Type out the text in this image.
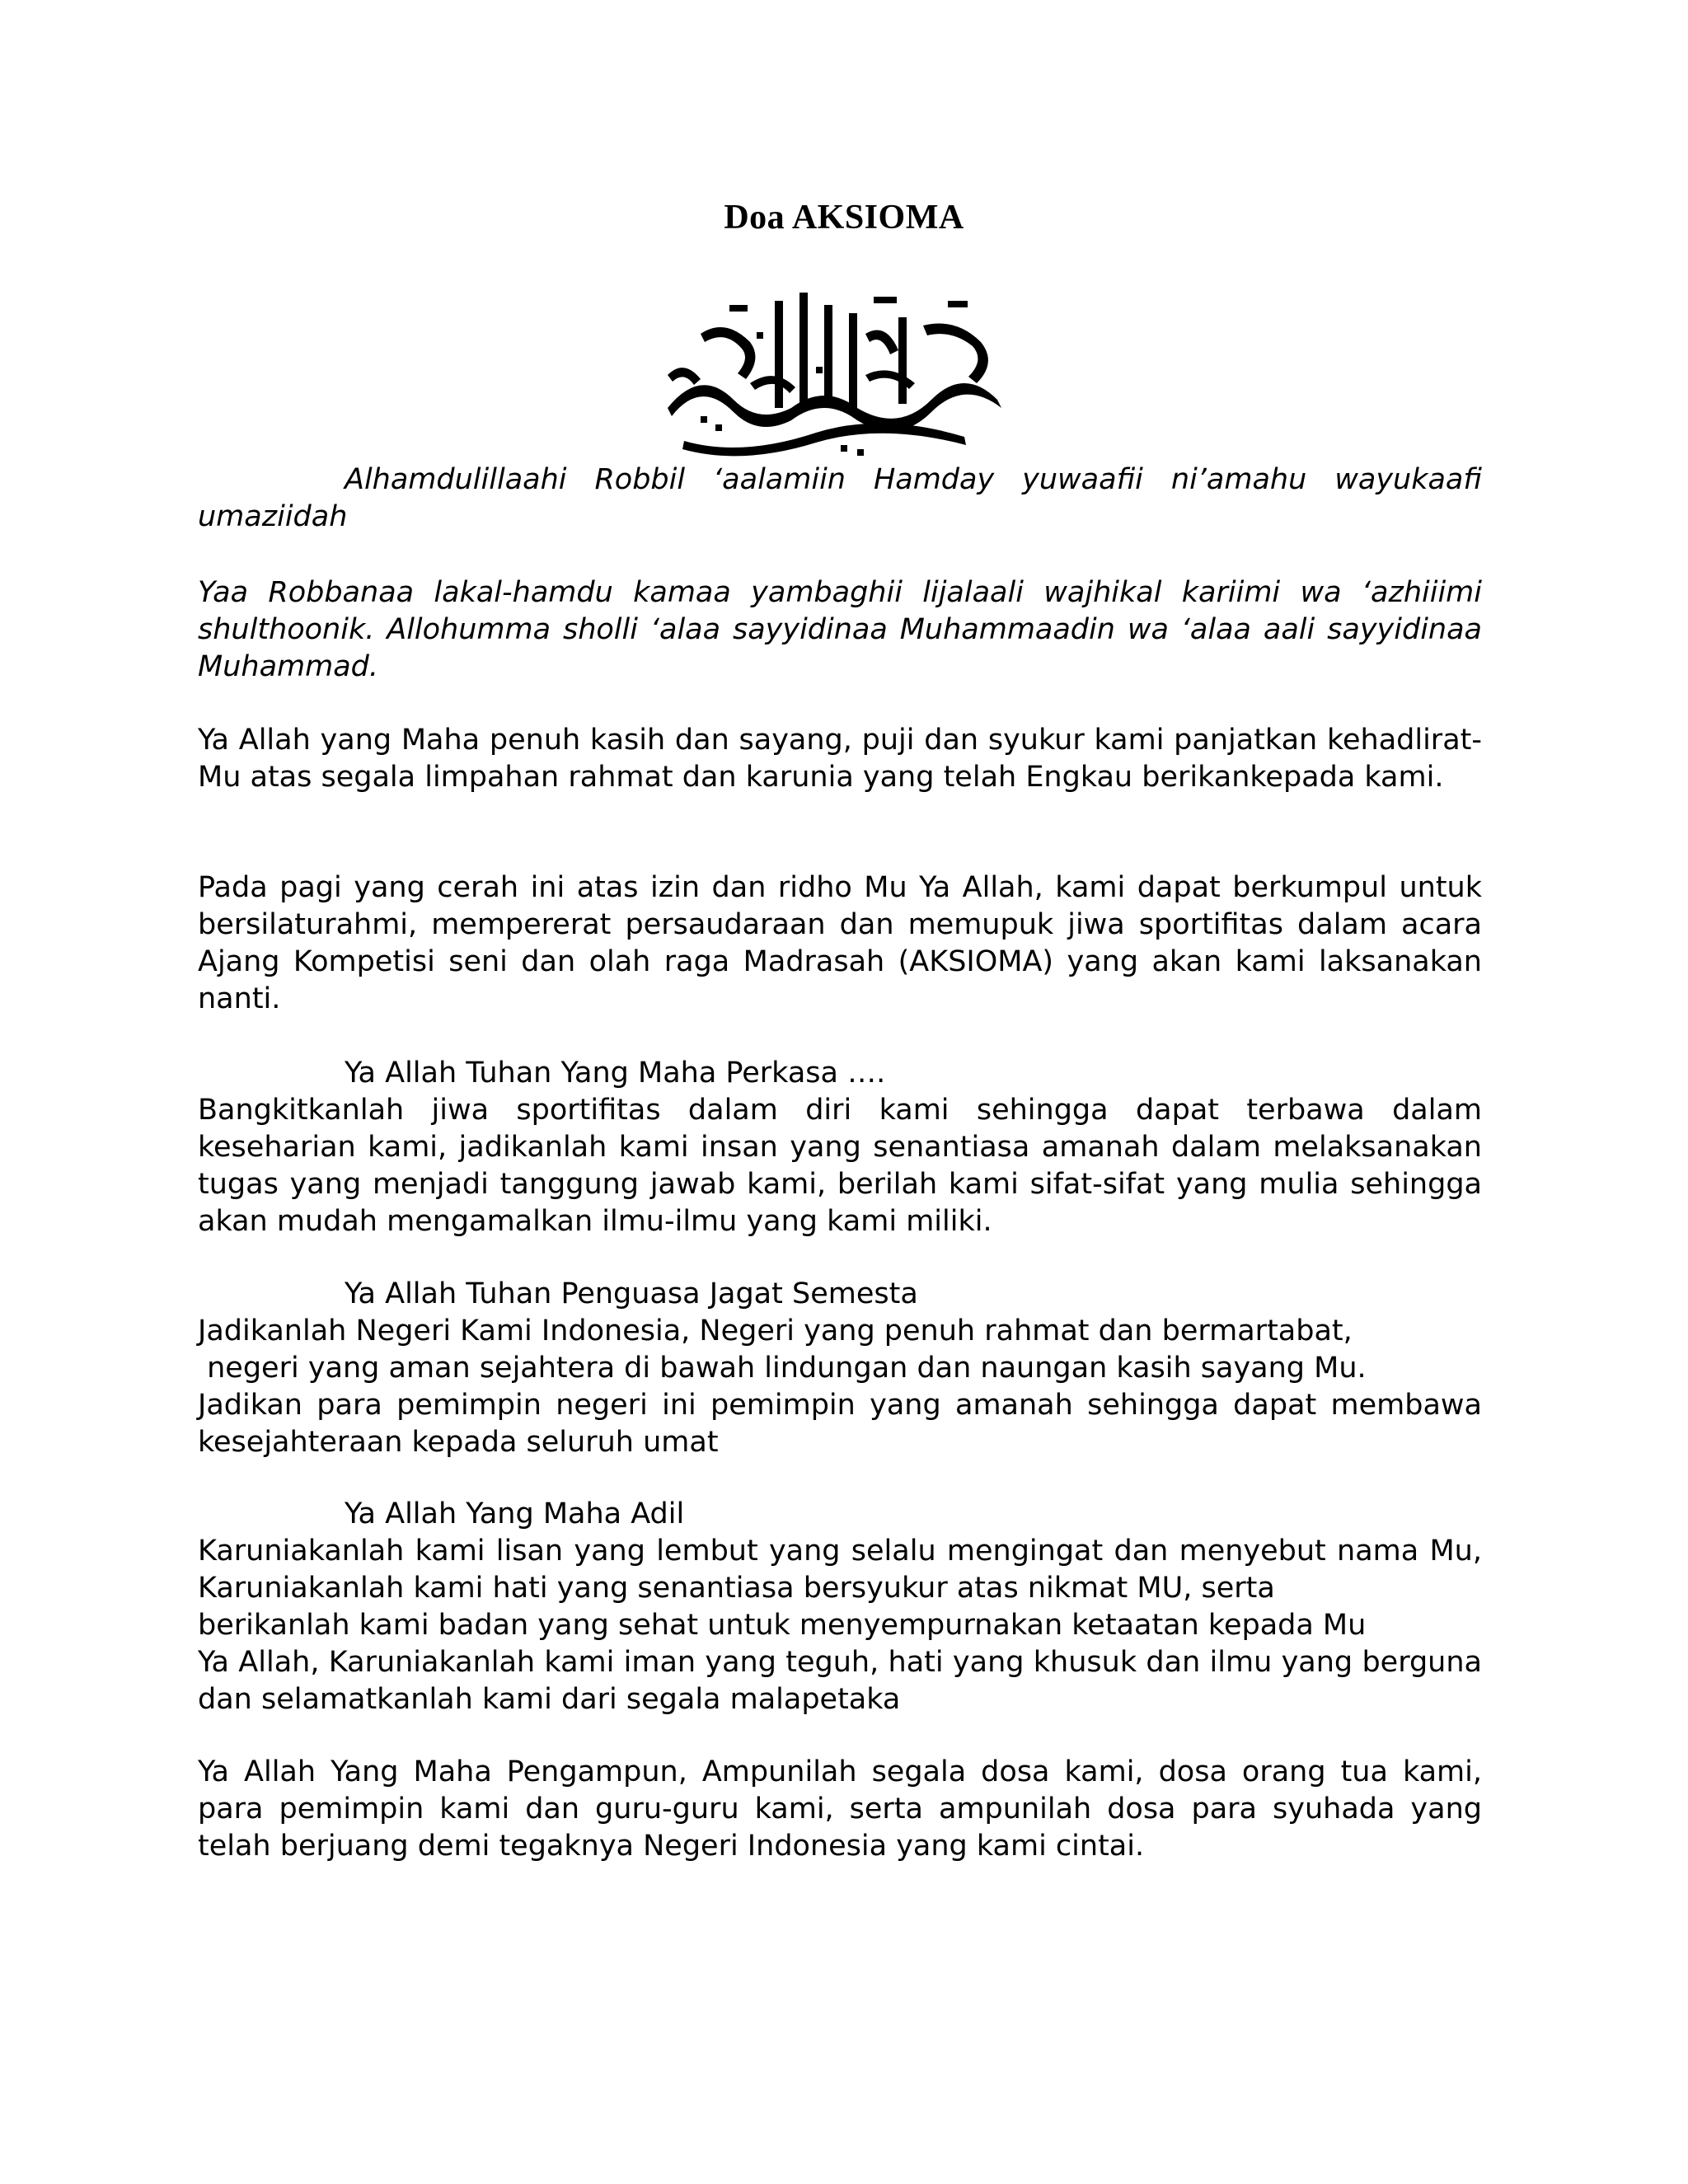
Doa AKSIOMA

Alhamdulillaahi Robbil ‘aalamiin Hamday yuwaafii ni’amahu wayukaafi umaziidah

Yaa Robbanaa lakal-hamdu kamaa yambaghii lijalaali wajhikal kariimi wa ‘azhiiimi shulthoonik. Allohumma sholli ‘alaa sayyidinaa Muhammaadin wa ‘alaa aali sayyidinaa Muhammad.

Ya Allah yang Maha penuh kasih dan sayang, puji dan syukur kami panjatkan kehadlirat-Mu atas segala limpahan rahmat dan karunia yang telah Engkau berikankepada kami.

Pada pagi yang cerah ini atas izin dan ridho Mu Ya Allah, kami dapat berkumpul untuk bersilaturahmi, mempererat persaudaraan dan memupuk jiwa sportifitas dalam acara Ajang Kompetisi seni dan olah raga Madrasah (AKSIOMA) yang akan kami laksanakan nanti.

Ya Allah Tuhan Yang Maha Perkasa ….

Bangkitkanlah jiwa sportifitas dalam diri kami sehingga dapat terbawa dalam keseharian kami, jadikanlah kami insan yang senantiasa amanah dalam melaksanakan tugas yang menjadi tanggung jawab kami, berilah kami sifat-sifat yang mulia sehingga akan mudah mengamalkan ilmu-ilmu yang kami miliki.

Ya Allah Tuhan Penguasa Jagat Semesta
Jadikanlah Negeri Kami Indonesia, Negeri yang penuh rahmat dan bermartabat,
negeri yang aman sejahtera di bawah lindungan dan naungan kasih sayang Mu.

Jadikan para pemimpin negeri ini pemimpin yang amanah sehingga dapat membawa kesejahteraan kepada seluruh umat

Ya Allah Yang Maha Adil

Karuniakanlah kami lisan yang lembut yang selalu mengingat dan menyebut nama Mu, Karuniakanlah kami hati yang senantiasa bersyukur atas nikmat MU, serta

berikanlah kami badan yang sehat untuk menyempurnakan ketaatan kepada Mu

Ya Allah, Karuniakanlah kami iman yang teguh, hati yang khusuk dan ilmu yang berguna dan selamatkanlah kami dari segala malapetaka

Ya Allah Yang Maha Pengampun, Ampunilah segala dosa kami, dosa orang tua kami, para pemimpin kami dan guru-guru kami, serta ampunilah dosa para syuhada yang telah berjuang demi tegaknya Negeri Indonesia yang kami cintai.
